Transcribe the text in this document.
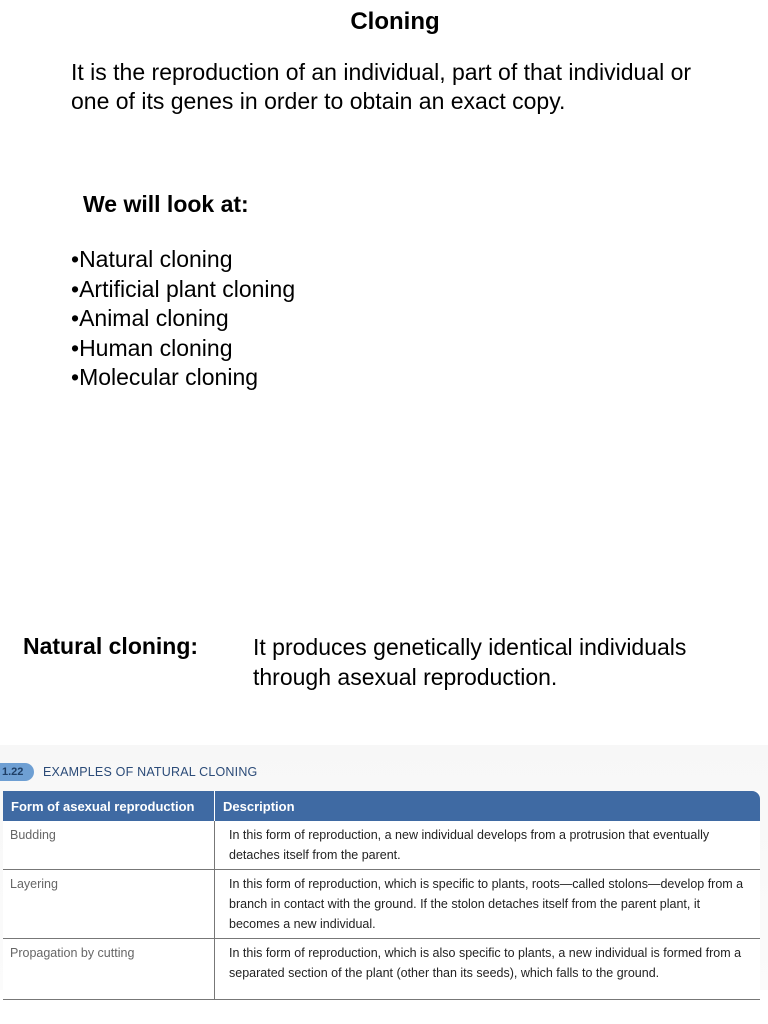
Cloning

It is the reproduction of an individual, part of that individual or one of its genes in order to obtain an exact copy.

We will look at:
• Natural cloning
• Artificial plant cloning
• Animal cloning
• Human cloning
• Molecular cloning

Natural cloning: It produces genetically identical individuals through asexual reproduction.

1.22	EXAMPLES OF NATURAL CLONING
Form of asexual reproduction	Description
Budding	In this form of reproduction, a new individual develops from a protrusion that eventually detaches itself from the parent.
Layering	In this form of reproduction, which is specific to plants, roots—called stolons—develop from a branch in contact with the ground. If the stolon detaches itself from the parent plant, it becomes a new individual.
Propagation by cutting	In this form of reproduction, which is also specific to plants, a new individual is formed from a separated section of the plant (other than its seeds), which falls to the ground.
